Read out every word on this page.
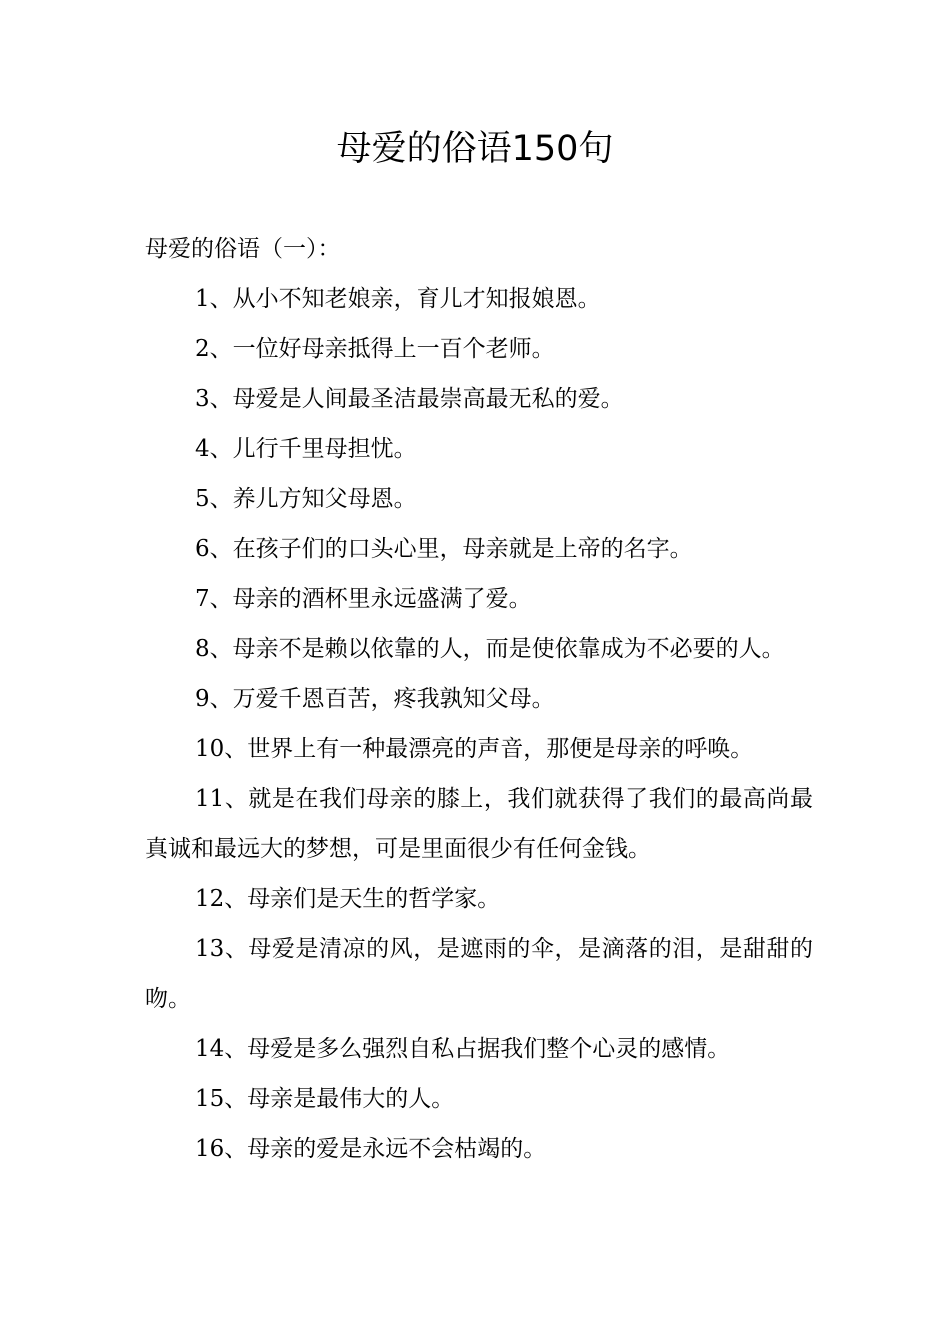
母爱的俗语150句

母爱的俗语（一）：

1、从小不知老娘亲，育儿才知报娘恩。

2、一位好母亲抵得上一百个老师。

3、母爱是人间最圣洁最崇高最无私的爱。

4、儿行千里母担忧。

5、养儿方知父母恩。

6、在孩子们的口头心里，母亲就是上帝的名字。

7、母亲的酒杯里永远盛满了爱。

8、母亲不是赖以依靠的人，而是使依靠成为不必要的人。

9、万爱千恩百苦，疼我孰知父母。

10、世界上有一种最漂亮的声音，那便是母亲的呼唤。

11、就是在我们母亲的膝上，我们就获得了我们的最高尚最真诚和最远大的梦想，可是里面很少有任何金钱。

12、母亲们是天生的哲学家。

13、母爱是清凉的风，是遮雨的伞，是滴落的泪，是甜甜的吻。

14、母爱是多么强烈自私占据我们整个心灵的感情。

15、母亲是最伟大的人。

16、母亲的爱是永远不会枯竭的。
